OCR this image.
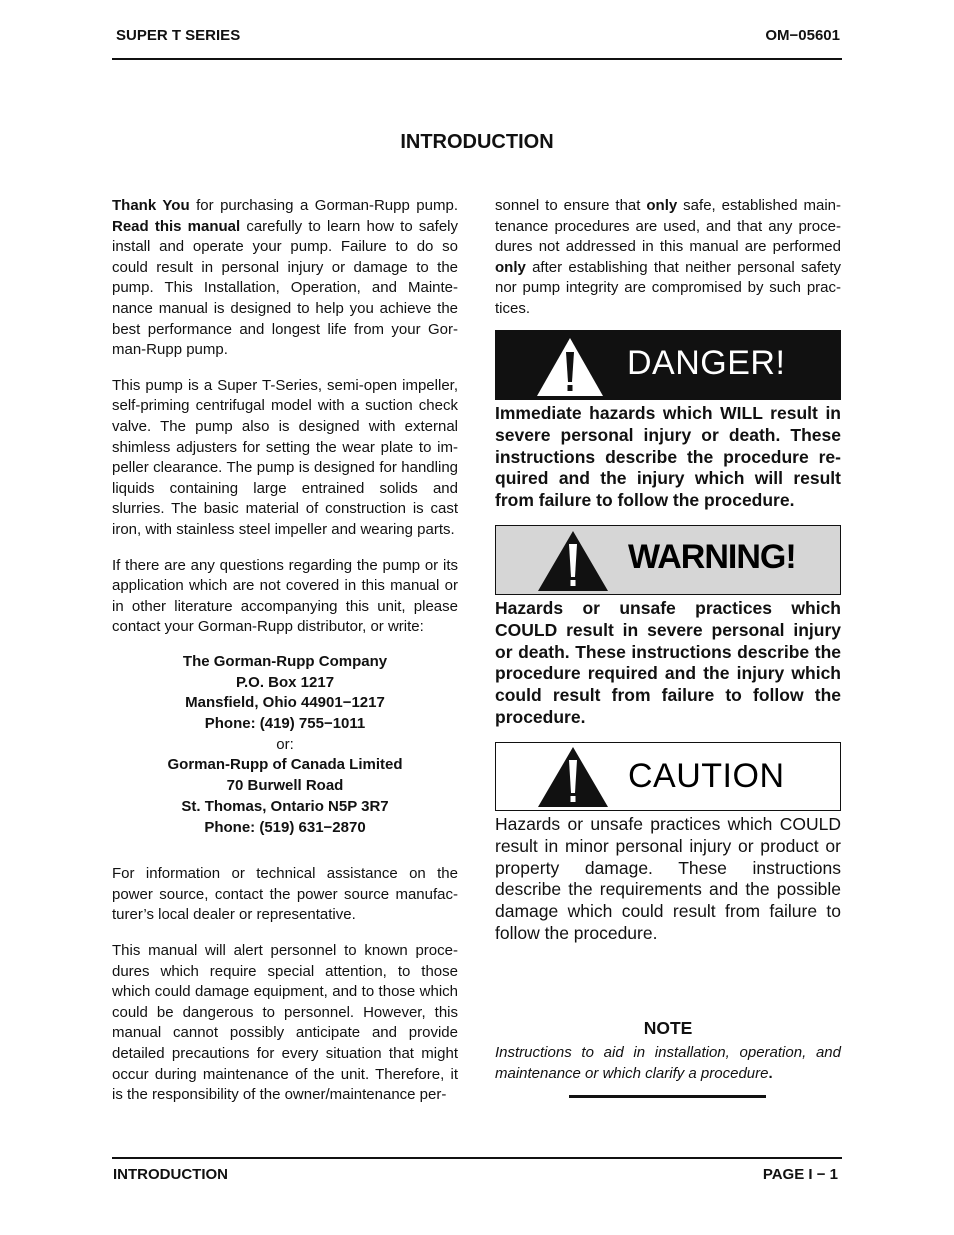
SUPER T SERIES	OM−05601
INTRODUCTION

Thank You for purchasing a Gorman-Rupp pump. Read this manual carefully to learn how to safely install and operate your pump. Failure to do so could result in personal injury or damage to the pump. This Installation, Operation, and Maintenance manual is designed to help you achieve the best performance and longest life from your Gorman-Rupp pump.

This pump is a Super T-Series, semi-open impeller, self-priming centrifugal model with a suction check valve. The pump also is designed with external shimless adjusters for setting the wear plate to impeller clearance. The pump is designed for handling liquids containing large entrained solids and slurries. The basic material of construction is cast iron, with stainless steel impeller and wearing parts.

If there are any questions regarding the pump or its application which are not covered in this manual or in other literature accompanying this unit, please contact your Gorman-Rupp distributor, or write:

The Gorman-Rupp Company
P.O. Box 1217
Mansfield, Ohio 44901−1217
Phone: (419) 755−1011
or:
Gorman-Rupp of Canada Limited
70 Burwell Road
St. Thomas, Ontario N5P 3R7
Phone: (519) 631−2870

For information or technical assistance on the power source, contact the power source manufacturer’s local dealer or representative.

This manual will alert personnel to known procedures which require special attention, to those which could damage equipment, and to those which could be dangerous to personnel. However, this manual cannot possibly anticipate and provide detailed precautions for every situation that might occur during maintenance of the unit. Therefore, it is the responsibility of the owner/maintenance per-

sonnel to ensure that only safe, established maintenance procedures are used, and that any procedures not addressed in this manual are performed only after establishing that neither personal safety nor pump integrity are compromised by such practices.

DANGER!
Immediate hazards which WILL result in severe personal injury or death. These instructions describe the procedure required and the injury which will result from failure to follow the procedure.
WARNING!
Hazards or unsafe practices which COULD result in severe personal injury or death. These instructions describe the procedure required and the injury which could result from failure to follow the procedure.
CAUTION
Hazards or unsafe practices which COULD result in minor personal injury or product or property damage. These instructions describe the requirements and the possible damage which could result from failure to follow the procedure.
NOTE
Instructions to aid in installation, operation, and maintenance or which clarify a procedure.
INTRODUCTION	PAGE I − 1
